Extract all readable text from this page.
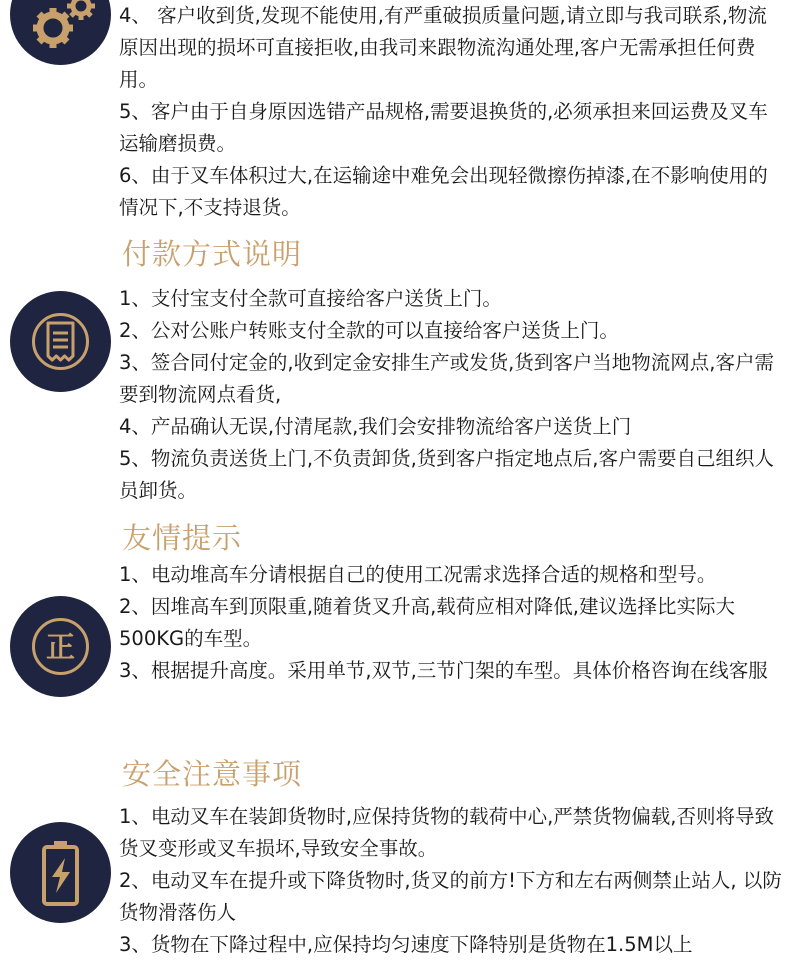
4、 客户收到货,发现不能使用,有严重破损质量问题,请立即与我司联系,物流原因出现的损坏可直接拒收,由我司来跟物流沟通处理,客户无需承担任何费用。

5、客户由于自身原因选错产品规格,需要退换货的,必须承担来回运费及叉车运输磨损费。

6、由于叉车体积过大,在运输途中难免会出现轻微擦伤掉漆,在不影响使用的情况下,不支持退货。

付款方式说明

1、支付宝支付全款可直接给客户送货上门。

2、公对公账户转账支付全款的可以直接给客户送货上门。

3、签合同付定金的,收到定金安排生产或发货,货到客户当地物流网点,客户需要到物流网点看货,

4、产品确认无误,付清尾款,我们会安排物流给客户送货上门

5、物流负责送货上门,不负责卸货,货到客户指定地点后,客户需要自己组织人员卸货。

友情提示
正

1、电动堆高车分请根据自己的使用工况需求选择合适的规格和型号。

2、因堆高车到顶限重,随着货叉升高,载荷应相对降低,建议选择比实际大500KG的车型。

3、根据提升高度。采用单节,双节,三节门架的车型。具体价格咨询在线客服

安全注意事项

1、电动叉车在装卸货物时,应保持货物的载荷中心,严禁货物偏载,否则将导致货叉变形或叉车损坏,导致安全事故。

2、电动叉车在提升或下降货物时,货叉的前方!下方和左右两侧禁止站人, 以防货物滑落伤人

3、货物在下降过程中,应保持均匀速度下降特别是货物在1.5M以上
